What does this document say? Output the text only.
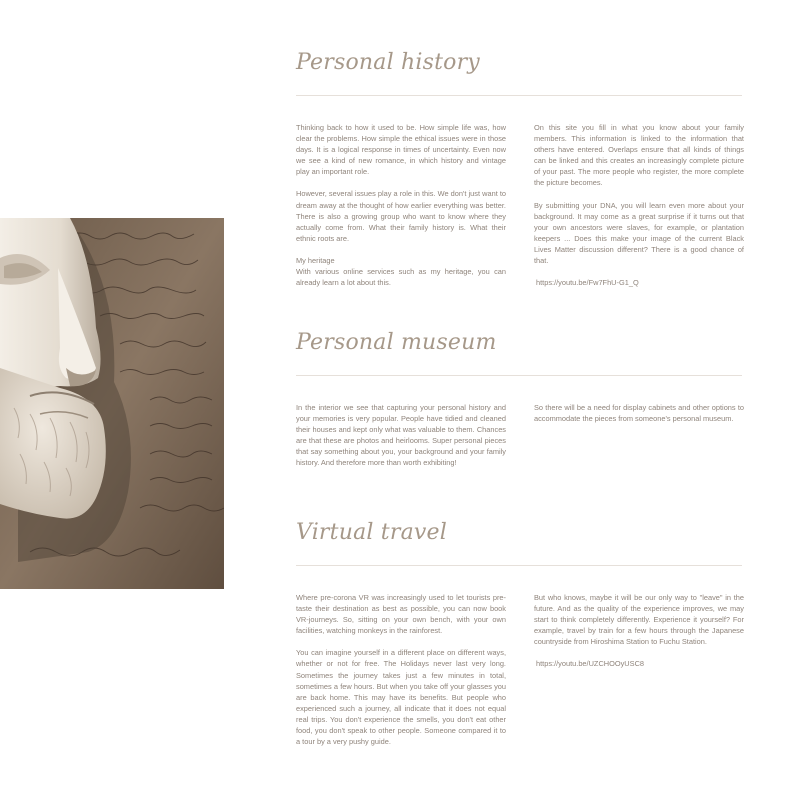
Personal history

Thinking back to how it used to be. How simple life was, how clear the problems. How simple the ethical issues were in those days. It is a logical response in times of uncertainty. Even now we see a kind of new romance, in which history and vintage play an important role.

However, several issues play a role in this. We don't just want to dream away at the thought of how earlier everything was better. There is also a growing group who want to know where they actually come from. What their family history is. What their ethnic roots are.

My heritage

With various online services such as my heritage, you can already learn a lot about this.

On this site you fill in what you know about your family members. This information is linked to the information that others have entered. Overlaps ensure that all kinds of things can be linked and this creates an increasingly complete picture of your past. The more people who register, the more complete the picture becomes.

By submitting your DNA, you will learn even more about your background. It may come as a great surprise if it turns out that your own ancestors were slaves, for example, or plantation keepers ... Does this make your image of the current Black Lives Matter discussion different? There is a good chance of that.

https://youtu.be/Fw7FhU-G1_Q
Personal museum

In the interior we see that capturing your personal history and your memories is very popular. People have tidied and cleaned their houses and kept only what was valuable to them. Chances are that these are photos and heirlooms. Super personal pieces that say something about you, your background and your family history. And therefore more than worth exhibiting!

So there will be a need for display cabinets and other options to accommodate the pieces from someone's personal museum.

Virtual travel

Where pre-corona VR was increasingly used to let tourists pre-taste their destination as best as possible, you can now book VR-journeys. So, sitting on your own bench, with your own facilities, watching monkeys in the rainforest.

You can imagine yourself in a different place on different ways, whether or not for free. The Holidays never last very long. Sometimes the journey takes just a few minutes in total, sometimes a few hours. But when you take off your glasses you are back home. This may have its benefits. But people who experienced such a journey, all indicate that it does not equal real trips. You don't experience the smells, you don't eat other food, you don't speak to other people. Someone compared it to a tour by a very pushy guide.

But who knows, maybe it will be our only way to "leave" in the future. And as the quality of the experience improves, we may start to think completely differently. Experience it yourself? For example, travel by train for a few hours through the Japanese countryside from Hiroshima Station to Fuchu Station.

https://youtu.be/UZCHOOyUSC8
